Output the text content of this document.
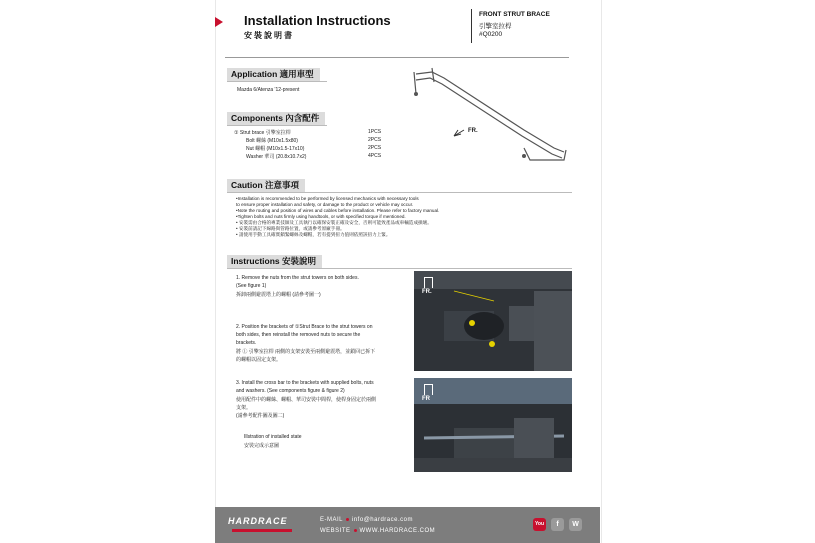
Installation Instructions
安裝說明書
FRONT STRUT BRACE
引擎室拉桿
#Q0200
Application 適用車型
Mazda 6/Atenza '12-present
FR.
Components 內含配件
① Strut brace 引擎室拉桿	1PCS
Bolt 螺絲 (M10x1.5x80)	2PCS
Nut 螺帽 (M10x1.5-17x10)	2PCS
Washer 華司 (20.8x10.7x2)	4PCS
Caution 注意事項
•Installation is recommended to be performed by licensed mechanics with necessary tools
to ensure proper installation and safety, or damage to the product or vehicle may occur.
•Note the routing and position of wires and cables before installation. Please refer to factory manual.
•Tighten bolts and nuts firmly using handtools, or with specified torque if mentioned.
• 安裝需由合格的專業技師及工具執行以確保安裝正確及安全，否則可能致產品或車輛造成損壞。
• 安裝前請記下線路與管路位置，或請參考原廠手冊。
• 請使用手動工具確實鎖緊螺絲及螺帽，若有提到扭力值則依照該扭力上緊。
Instructions 安裝說明
1. Remove the nuts from the strut towers on both sides.
(See figure 1)
拆卸兩側避震塔上的螺帽 (請參考圖一)
2. Position the brackets of ①Strut Brace to the strut towers on
both sides, then reinstall the removed nuts to secure the
brackets.
將 ① 引擎室拉桿 兩側的支架安裝至兩側避震塔，並鎖回已拆下
的螺帽以固定支架。
3. Install the cross bar to the brackets with supplied bolts, nuts
and washers. (See components figure & figure 2)
使用配件中的螺絲、螺帽、華司安裝中間桿，使桿身固定於兩側
支架。
(請參考配件圖及圖二)
Illstration of installed state
安裝完成示意圖
FR.
FR
HARDRACE	E-MAIL info@hardrace.com
WEBSITE WWW.HARDRACE.COM
You	f	W
